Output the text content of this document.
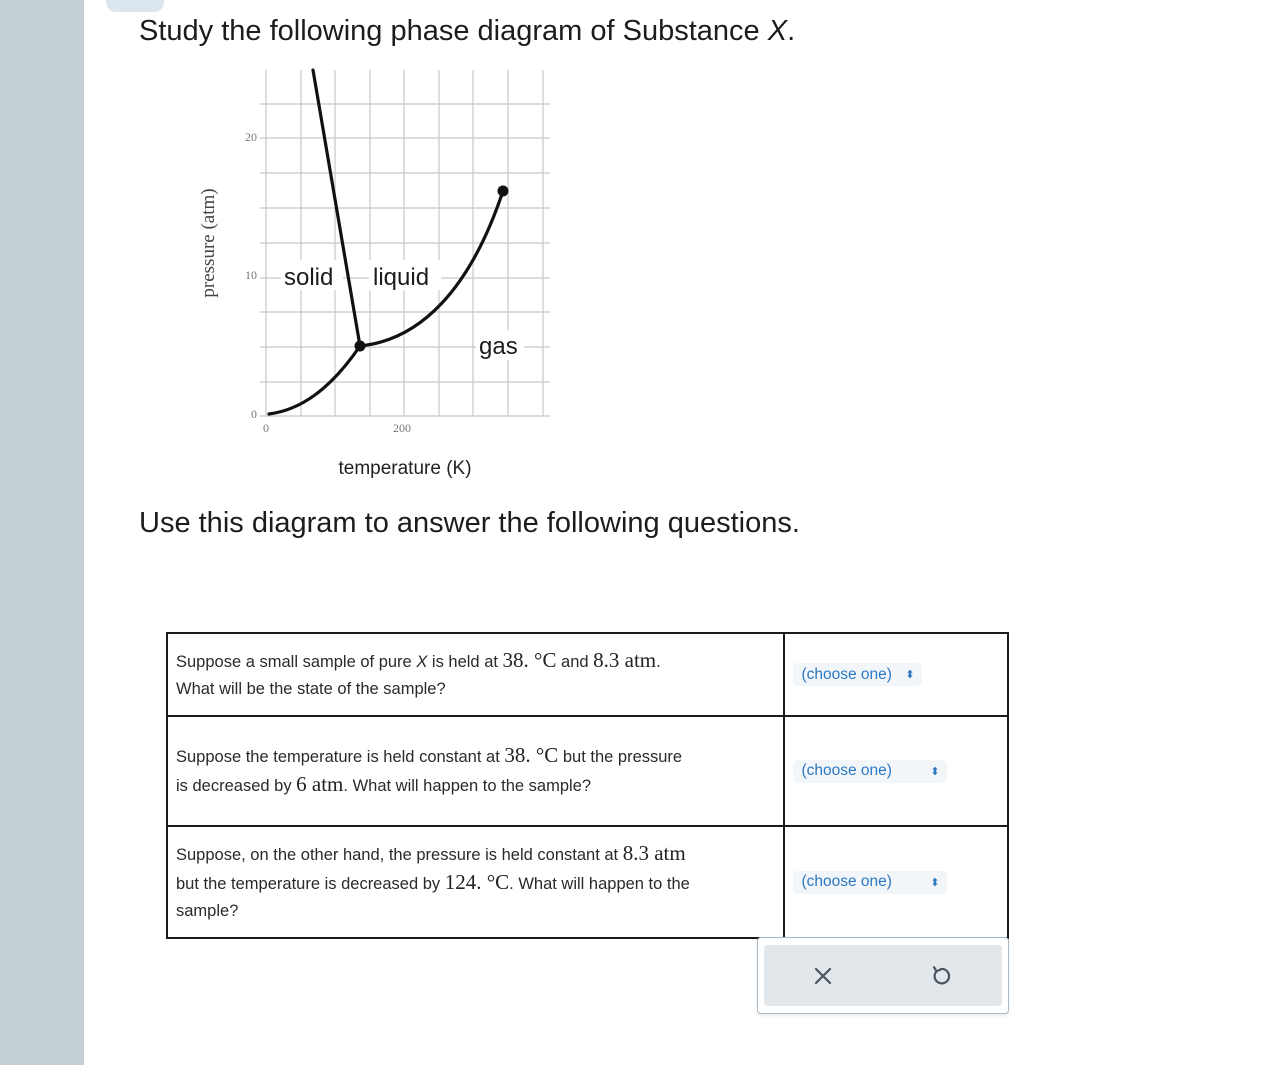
Study the following phase diagram of Substance X.
20
10
0
0	200
pressure (atm)
temperature (K)
solid liquid
gas
Use this diagram to answer the following questions.
Suppose a small sample of pure X is held at 38. °C and 8.3 atm.
What will be the state of the sample?	(choose one) ⬍

Suppose the temperature is held constant at 38. °C but the pressure
is decreased by 6 atm. What will happen to the sample?	(choose one) ⬍

Suppose, on the other hand, the pressure is held constant at 8.3 atm
but the temperature is decreased by 124. °C. What will happen to the
sample?	(choose one) ⬍
